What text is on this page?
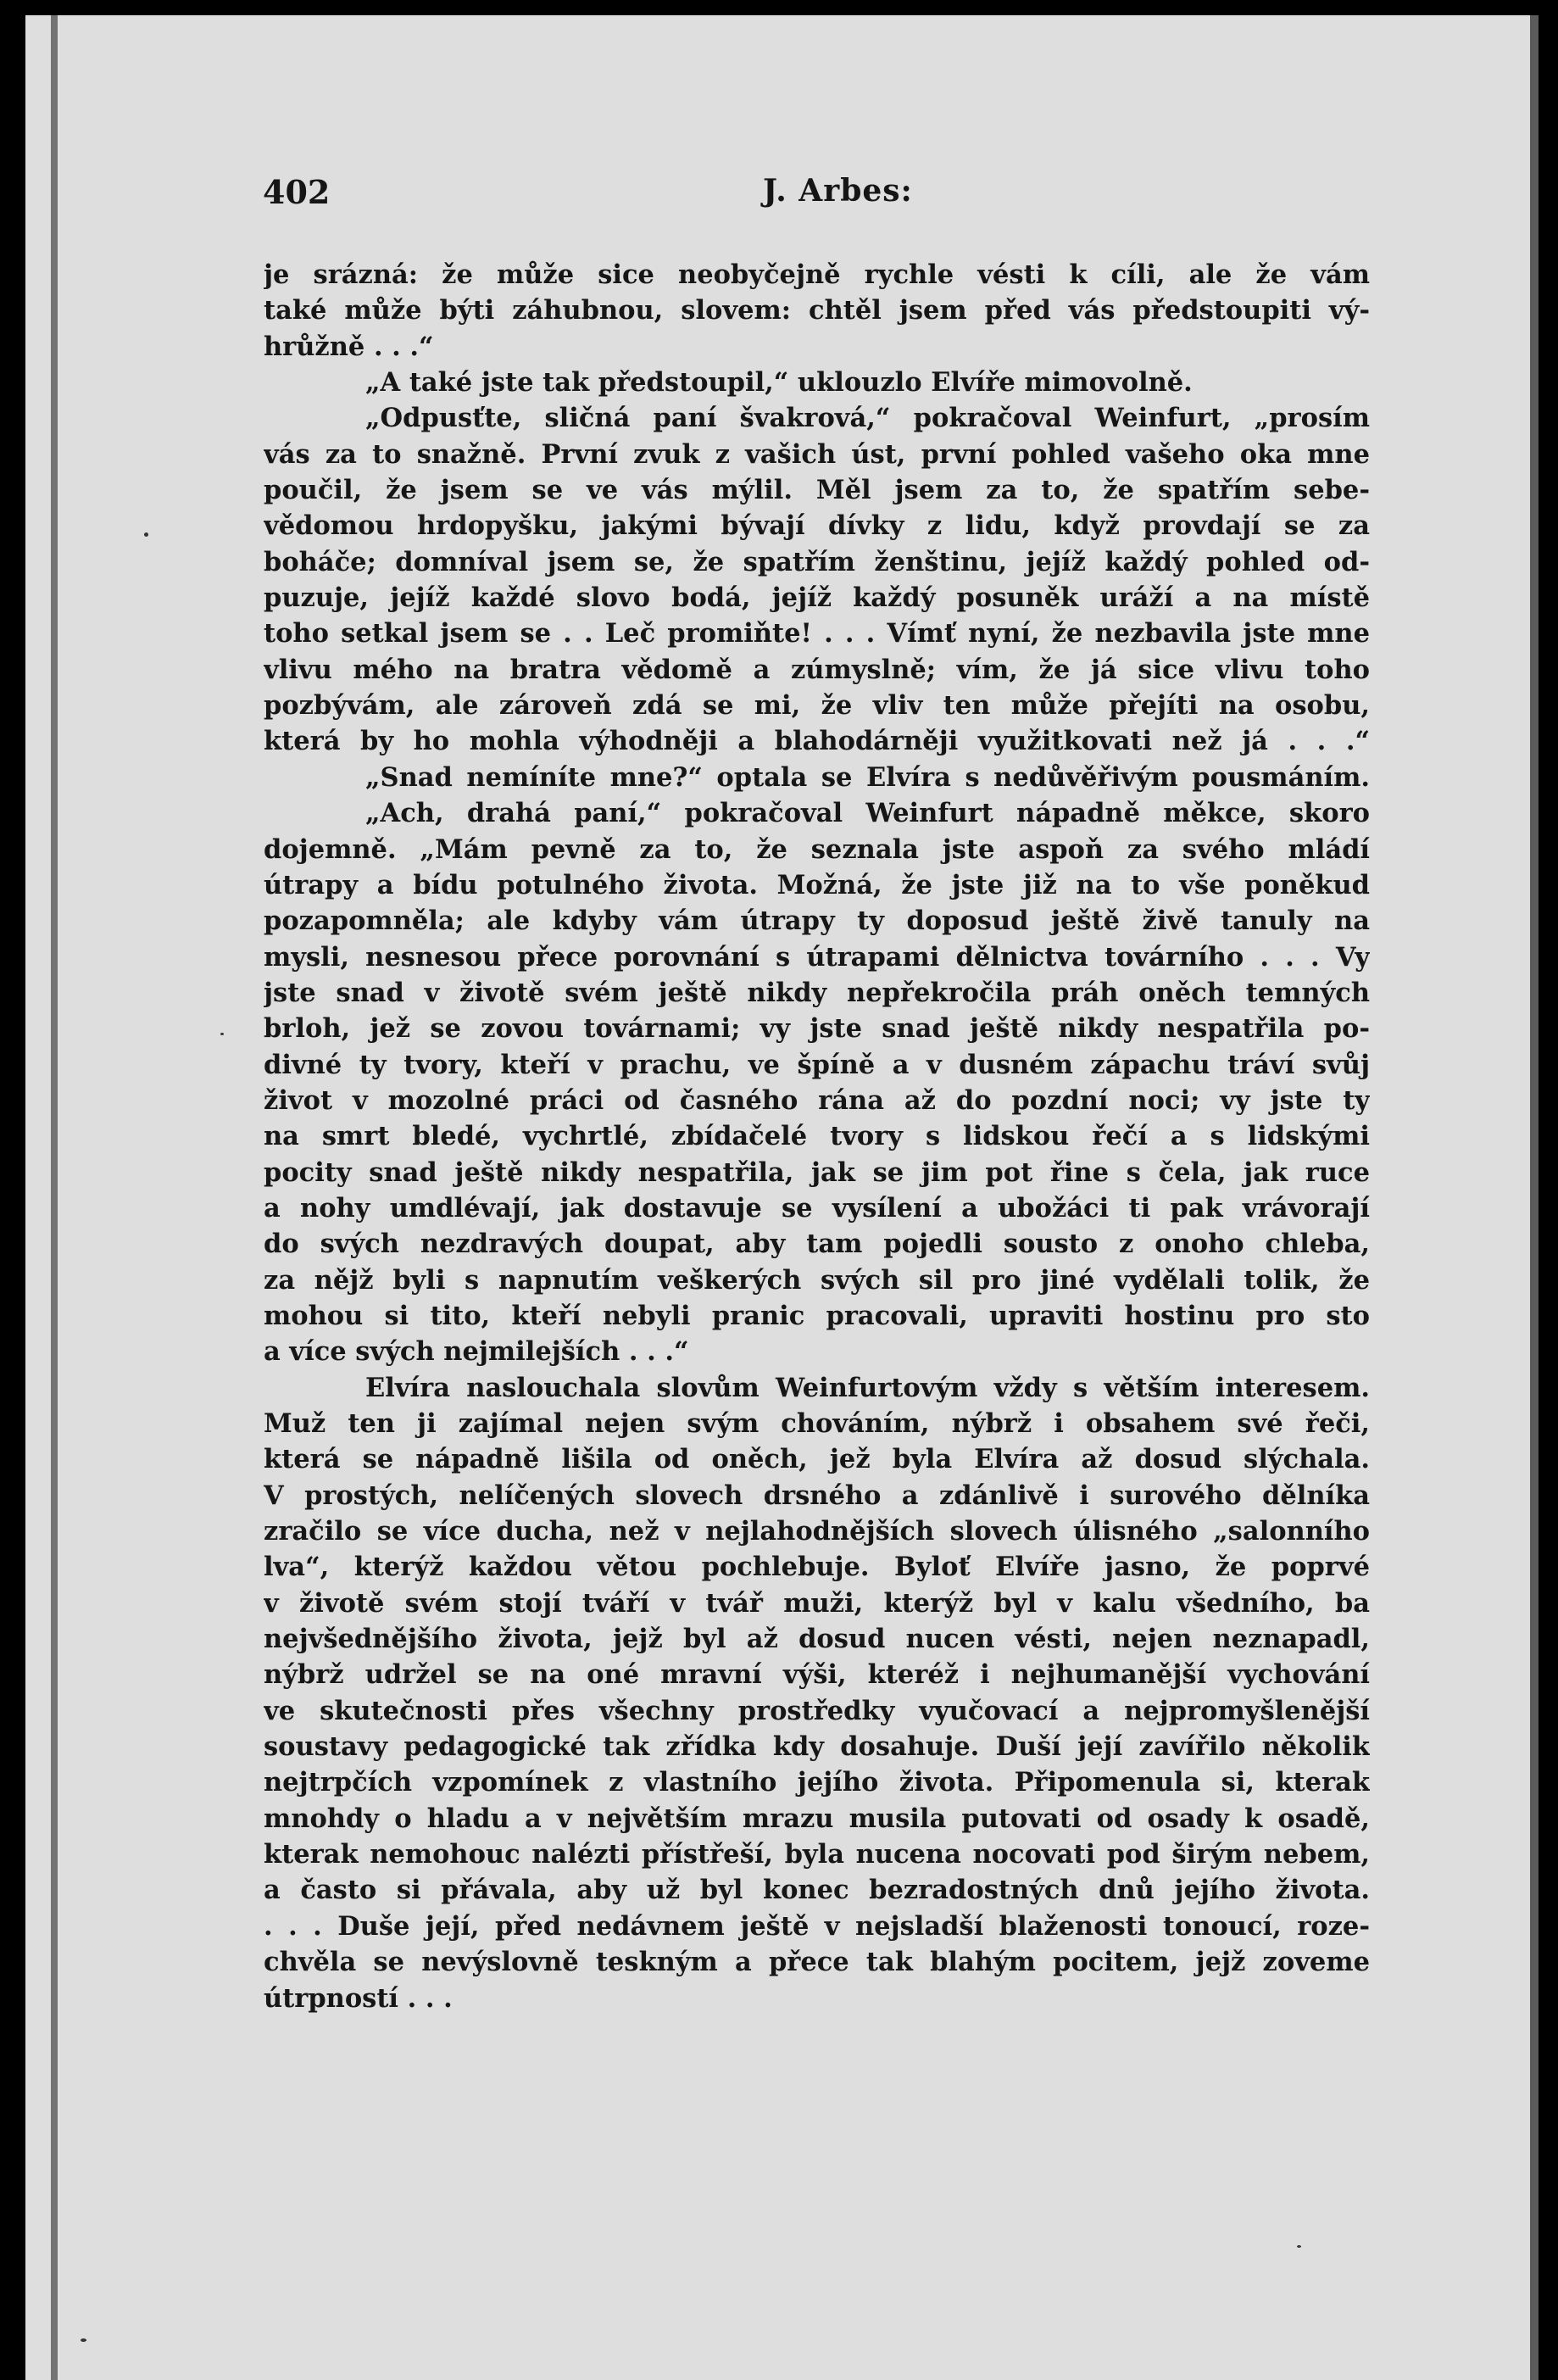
402	J. Arbes:
je srázná: že může sice neobyčejně rychle vésti k cíli, ale že vám
také může býti záhubnou, slovem: chtěl jsem před vás předstoupiti vý-
hrůžně . . .“
„A také jste tak předstoupil,“ uklouzlo Elvíře mimovolně.
„Odpusťte, sličná paní švakrová,“ pokračoval Weinfurt, „prosím
vás za to snažně. První zvuk z vašich úst, první pohled vašeho oka mne
poučil, že jsem se ve vás mýlil. Měl jsem za to, že spatřím sebe-
vědomou hrdopyšku, jakými bývají dívky z lidu, když provdají se za
boháče; domníval jsem se, že spatřím ženštinu, jejíž každý pohled od-
puzuje, jejíž každé slovo bodá, jejíž každý posuněk uráží a na místě
toho setkal jsem se . . Leč promiňte! . . . Vímť nyní, že nezbavila jste mne
vlivu mého na bratra vědomě a zúmyslně; vím, že já sice vlivu toho
pozbývám, ale zároveň zdá se mi, že vliv ten může přejíti na osobu,
která by ho mohla výhodněji a blahodárněji využitkovati než já . . .“
„Snad nemíníte mne?“ optala se Elvíra s nedůvěřivým pousmáním.
„Ach, drahá paní,“ pokračoval Weinfurt nápadně měkce, skoro
dojemně. „Mám pevně za to, že seznala jste aspoň za svého mládí
útrapy a bídu potulného života. Možná, že jste již na to vše poněkud
pozapomněla; ale kdyby vám útrapy ty doposud ještě živě tanuly na
mysli, nesnesou přece porovnání s útrapami dělnictva továrního . . . Vy
jste snad v životě svém ještě nikdy nepřekročila práh oněch temných
brloh, jež se zovou továrnami; vy jste snad ještě nikdy nespatřila po-
divné ty tvory, kteří v prachu, ve špíně a v dusném zápachu tráví svůj
život v mozolné práci od časného rána až do pozdní noci; vy jste ty
na smrt bledé, vychrtlé, zbídačelé tvory s lidskou řečí a s lidskými
pocity snad ještě nikdy nespatřila, jak se jim pot řine s čela, jak ruce
a nohy umdlévají, jak dostavuje se vysílení a ubožáci ti pak vrávorají
do svých nezdravých doupat, aby tam pojedli sousto z onoho chleba,
za nějž byli s napnutím veškerých svých sil pro jiné vydělali tolik, že
mohou si tito, kteří nebyli pranic pracovali, upraviti hostinu pro sto
a více svých nejmilejších . . .“
Elvíra naslouchala slovům Weinfurtovým vždy s větším interesem.
Muž ten ji zajímal nejen svým chováním, nýbrž i obsahem své řeči,
která se nápadně lišila od oněch, jež byla Elvíra až dosud slýchala.
V prostých, nelíčených slovech drsného a zdánlivě i surového dělníka
zračilo se více ducha, než v nejlahodnějších slovech úlisného „salonního
lva“, kterýž každou větou pochlebuje. Byloť Elvíře jasno, že poprvé
v životě svém stojí tváří v tvář muži, kterýž byl v kalu všedního, ba
nejvšednějšího života, jejž byl až dosud nucen vésti, nejen neznapadl,
nýbrž udržel se na oné mravní výši, kteréž i nejhumanější vychování
ve skutečnosti přes všechny prostředky vyučovací a nejpromyšlenější
soustavy pedagogické tak zřídka kdy dosahuje. Duší její zavířilo několik
nejtrpčích vzpomínek z vlastního jejího života. Připomenula si, kterak
mnohdy o hladu a v největším mrazu musila putovati od osady k osadě,
kterak nemohouc nalézti přístřeší, byla nucena nocovati pod širým nebem,
a často si přávala, aby už byl konec bezradostných dnů jejího života.
. . . Duše její, před nedávnem ještě v nejsladší blaženosti tonoucí, roze-
chvěla se nevýslovně teskným a přece tak blahým pocitem, jejž zoveme
útrpností . . .
